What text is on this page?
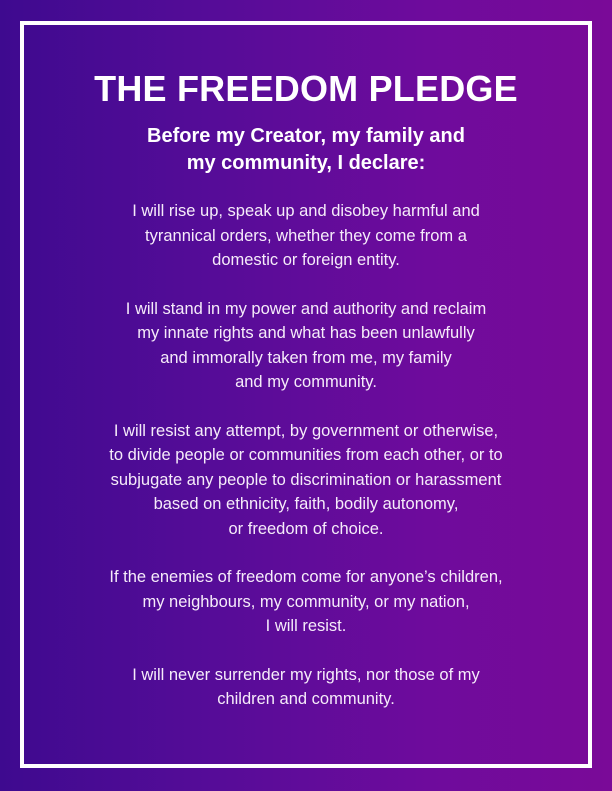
THE FREEDOM PLEDGE

Before my Creator, my family and
my community, I declare:

I will rise up, speak up and disobey harmful and
tyrannical orders, whether they come from a
domestic or foreign entity.

I will stand in my power and authority and reclaim
my innate rights and what has been unlawfully
and immorally taken from me, my family
and my community.

I will resist any attempt, by government or otherwise,
to divide people or communities from each other, or to
subjugate any people to discrimination or harassment
based on ethnicity, faith, bodily autonomy,
or freedom of choice.

If the enemies of freedom come for anyone’s children,
my neighbours, my community, or my nation,
I will resist.

I will never surrender my rights, nor those of my
children and community.
